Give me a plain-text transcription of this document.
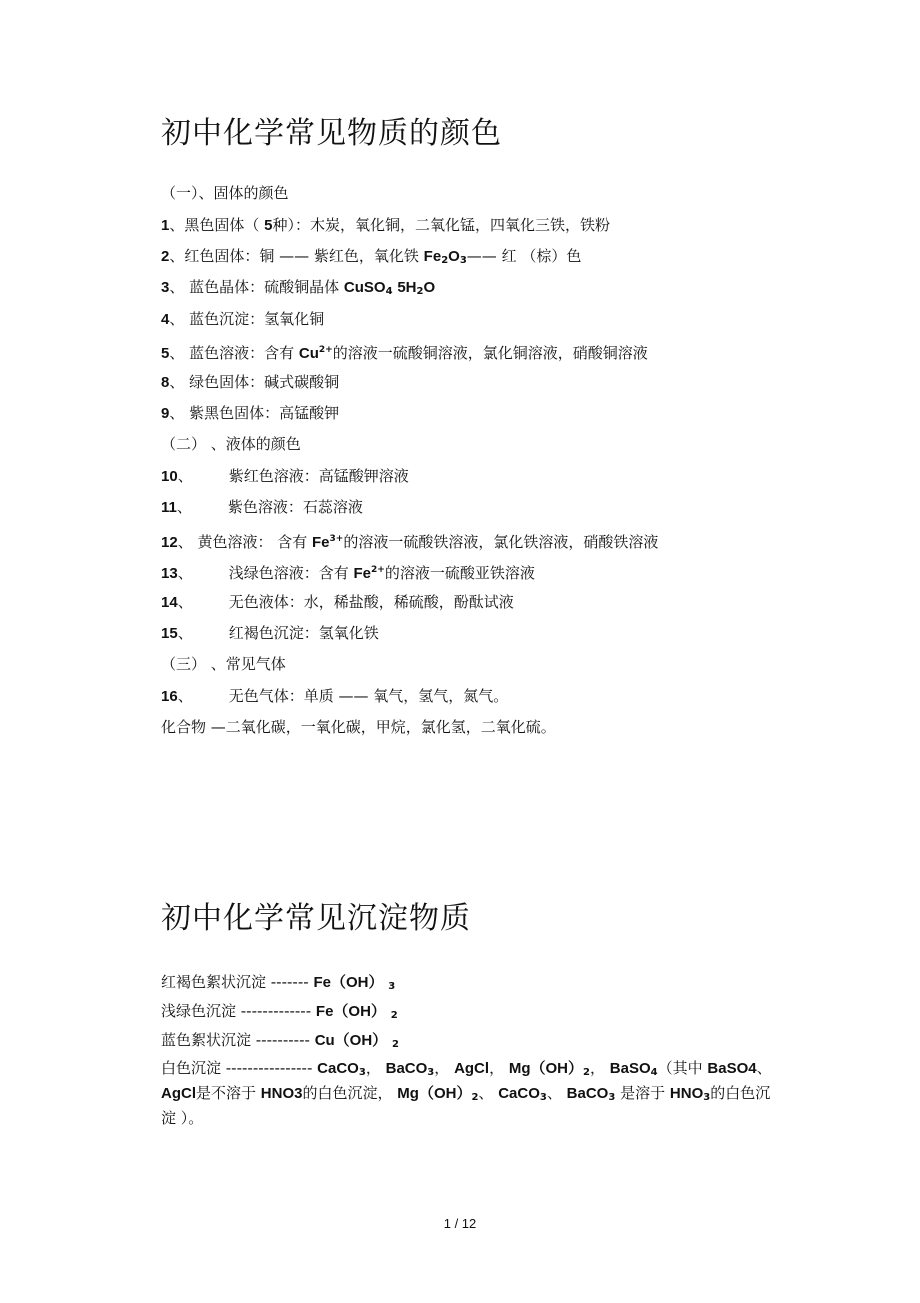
初中化学常见物质的颜色
（一）、固体的颜色
1、黑色固体（ 5种）：木炭，氧化铜，二氧化锰，四氧化三铁，铁粉
2、红色固体：铜 —— 紫红色，氧化铁 $Fe_2O_3——$ 红 （棕）色
3、 蓝色晶体：硫酸铜晶体 CuSO$_4$ $5H_2O$
4、 蓝色沉淀：氢氧化铜
5、 蓝色溶液：含有 $Cu^{2+}$的溶液一硫酸铜溶液，氯化铜溶液，硝酸铜溶液
8、 绿色固体：碱式碳酸铜
9、 紫黑色固体：高锰酸钾
（二） 、液体的颜色
10、 紫红色溶液：高锰酸钾溶液
11、 紫色溶液：石蕊溶液
12、 黄色溶液： 含有 $Fe^{3+}$的溶液一硫酸铁溶液，氯化铁溶液，硝酸铁溶液
13、 浅绿色溶液：含有 $Fe^{2+}$的溶液一硫酸亚铁溶液
14、 无色液体：水，稀盐酸，稀硫酸，酚酞试液
15、 红褐色沉淀：氢氧化铁
（三） 、常见气体
16、 无色气体：单质 —— 氧气，氢气，氮气。
化合物 —二氧化碳，一氧化碳，甲烷，氯化氢，二氧化硫。
初中化学常见沉淀物质
红褐色絮状沉淀 ------- Fe（OH） $_3$
浅绿色沉淀 ------------- Fe（OH） $_2$
蓝色絮状沉淀 ---------- Cu（OH） $_2$
白色沉淀 ---------------- CaCO$_3$， BaCO$_3$， AgCl， $Mg(OH)_2$， BaSO$_4$（其中 BaSO4、 AgCl是不溶于 HNO3的白色沉淀， $Mg(OH)_2$、 CaCO$_3$、 BaCO$_3$ 是溶于 $HNO_3$的白色沉淀 ）。
1 / 12
